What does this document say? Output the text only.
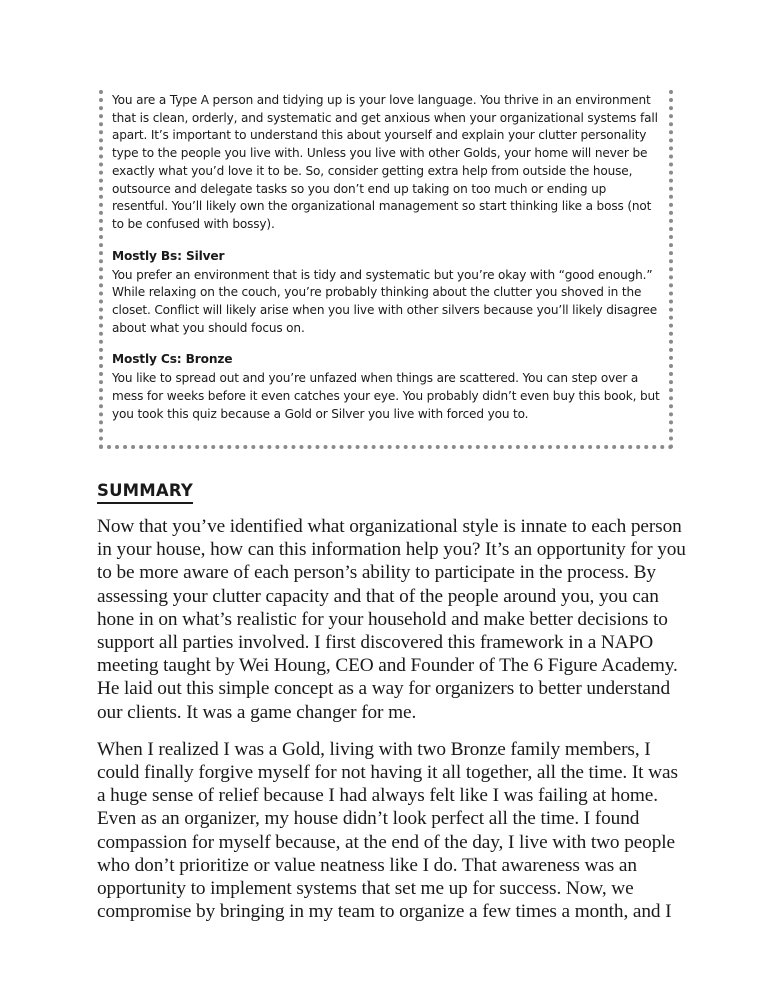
You are a Type A person and tidying up is your love language. You thrive in an environment that is clean, orderly, and systematic and get anxious when your organizational systems fall apart. It’s important to understand this about yourself and explain your clutter personality type to the people you live with. Unless you live with other Golds, your home will never be exactly what you’d love it to be. So, consider getting extra help from outside the house, outsource and delegate tasks so you don’t end up taking on too much or ending up resentful. You’ll likely own the organizational management so start thinking like a boss (not to be confused with bossy).

Mostly Bs: Silver

You prefer an environment that is tidy and systematic but you’re okay with “good enough.” While relaxing on the couch, you’re probably thinking about the clutter you shoved in the closet. Conflict will likely arise when you live with other silvers because you’ll likely disagree about what you should focus on.

Mostly Cs: Bronze

You like to spread out and you’re unfazed when things are scattered. You can step over a mess for weeks before it even catches your eye. You probably didn’t even buy this book, but you took this quiz because a Gold or Silver you live with forced you to.

SUMMARY

Now that you’ve identified what organizational style is innate to each person in your house, how can this information help you? It’s an opportunity for you to be more aware of each person’s ability to participate in the process. By assessing your clutter capacity and that of the people around you, you can hone in on what’s realistic for your household and make better decisions to support all parties involved. I first discovered this framework in a NAPO meeting taught by Wei Houng, CEO and Founder of The 6 Figure Academy. He laid out this simple concept as a way for organizers to better understand our clients. It was a game changer for me.

When I realized I was a Gold, living with two Bronze family members, I could finally forgive myself for not having it all together, all the time. It was a huge sense of relief because I had always felt like I was failing at home. Even as an organizer, my house didn’t look perfect all the time. I found compassion for myself because, at the end of the day, I live with two people who don’t prioritize or value neatness like I do. That awareness was an opportunity to implement systems that set me up for success. Now, we compromise by bringing in my team to organize a few times a month, and I
